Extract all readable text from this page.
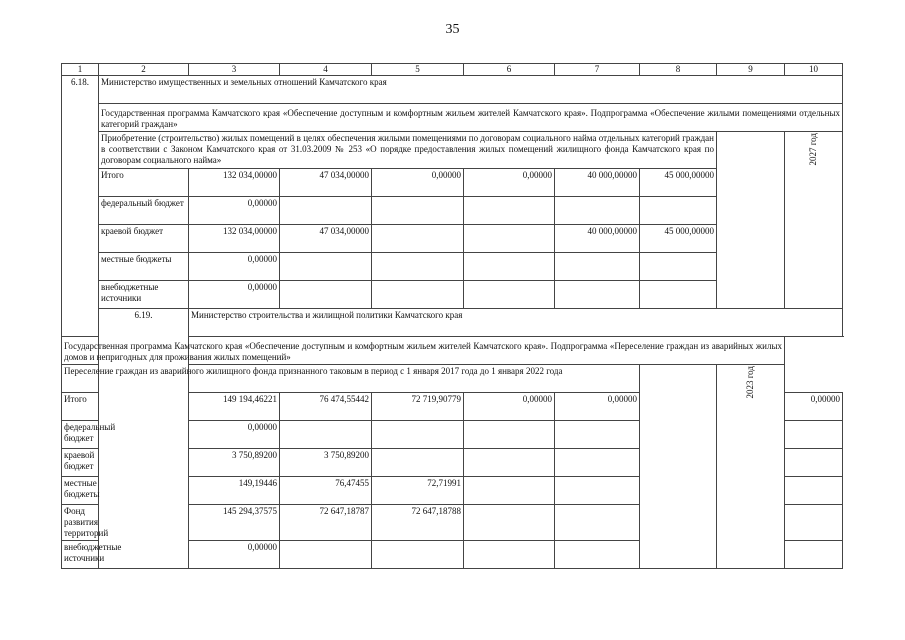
35
1	2	3	4	5	6	7	8	9	10
6.18.	Министерство имущественных и земельных отношений Камчатского края								
	Государственная программа Камчатского края «Обеспечение доступным и комфортным жильем жителей Камчатского края». Подпрограмма «Обеспечение жилыми помещениями отдельных категорий граждан»								
	Приобретение (строительство) жилых помещений в целях обеспечения жилыми помещениями по договорам социального найма отдельных категорий граждан в соответствии с Законом Камчатского края от 31.03.2009 № 253 «О порядке предоставления жилых помещений жилищного фонда Камчатского края по договорам социального найма»								2027 год
	Итого	132 034,00000	47 034,00000	0,00000	0,00000	40 000,00000	45 000,00000		
	федеральный бюджет	0,00000							
	краевой бюджет	132 034,00000	47 034,00000			40 000,00000	45 000,00000		
	местные бюджеты	0,00000							
	внебюджетные источники	0,00000							
	6.19.	Министерство строительства и жилищной политики Камчатского края							
Государственная программа Камчатского края «Обеспечение доступным и комфортным жильем жителей Камчатского края». Подпрограмма «Переселение граждан из аварийных жилых домов и непригодных для проживания жилых помещений»									
Переселение граждан из аварийного жилищного фонда признанного таковым в период с 1 января 2017 года до 1 января 2022 года								2023 год	
Итого		149 194,46221	76 474,55442	72 719,90779	0,00000	0,00000			0,00000
федеральный бюджет		0,00000							
краевой бюджет		3 750,89200	3 750,89200						
местные бюджеты		149,19446	76,47455	72,71991					
Фонд развития территорий		145 294,37575	72 647,18787	72 647,18788					
внебюджетные источники		0,00000							
